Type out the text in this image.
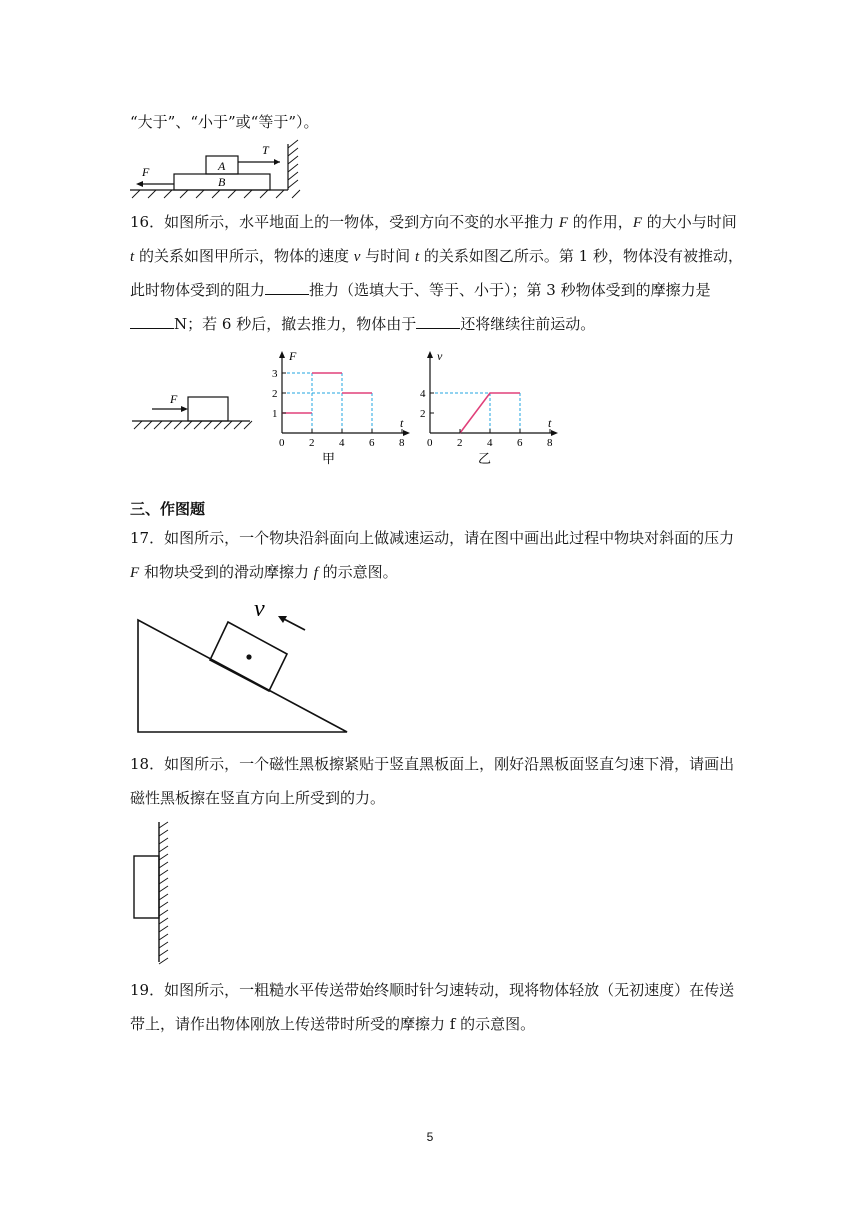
“大于”、“小于”或“等于”）。
A
B
F
T
16．如图所示，水平地面上的一物体，受到方向不变的水平推力 F 的作用，F 的大小与时间
t 的关系如图甲所示，物体的速度 v 与时间 t 的关系如图乙所示。第 1 秒，物体没有被推动，
此时物体受到的阻力	推力（选填大于、等于、小于）；第 3 秒物体受到的摩擦力是
N；若 6 秒后，撤去推力，物体由于	还将继续往前运动。
F
F
t
0 2 4 6 8
1
2
3
甲
v
t
0 2 4 6 8
2
4
乙
三、作图题
17．如图所示，一个物块沿斜面向上做减速运动，请在图中画出此过程中物块对斜面的压力
F 和物块受到的滑动摩擦力 f 的示意图。
v
18．如图所示，一个磁性黑板擦紧贴于竖直黑板面上，刚好沿黑板面竖直匀速下滑，请画出
磁性黑板擦在竖直方向上所受到的力。
19．如图所示，一粗糙水平传送带始终顺时针匀速转动，现将物体轻放（无初速度）在传送
带上，请作出物体刚放上传送带时所受的摩擦力 f 的示意图。
5
